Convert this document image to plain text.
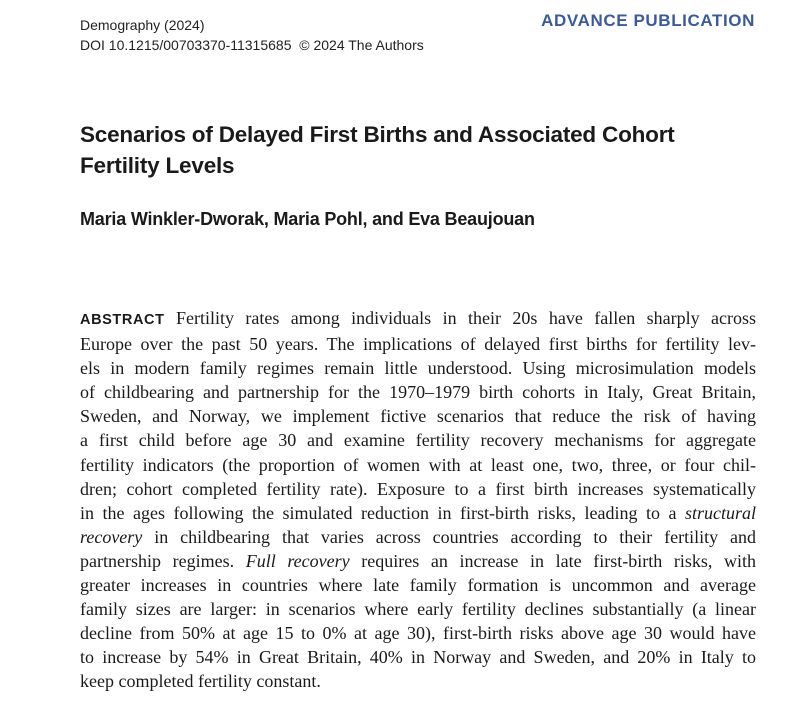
Demography (2024)
DOI 10.1215/00703370-11315685  © 2024 The Authors
ADVANCE PUBLICATION
Scenarios of Delayed First Births and Associated Cohort
Fertility Levels
Maria Winkler-Dworak, Maria Pohl, and Eva Beaujouan
ABSTRACT Fertility rates among individuals in their 20s have fallen sharply across
Europe over the past 50 years. The implications of delayed first births for fertility lev-
els in modern family regimes remain little understood. Using microsimulation models
of childbearing and partnership for the 1970–1979 birth cohorts in Italy, Great Britain,
Sweden, and Norway, we implement fictive scenarios that reduce the risk of having
a first child before age 30 and examine fertility recovery mechanisms for aggregate
fertility indicators (the proportion of women with at least one, two, three, or four chil-
dren; cohort completed fertility rate). Exposure to a first birth increases systematically
in the ages following the simulated reduction in first-birth risks, leading to a structural
recovery in childbearing that varies across countries according to their fertility and
partnership regimes. Full recovery requires an increase in late first-birth risks, with
greater increases in countries where late family formation is uncommon and average
family sizes are larger: in scenarios where early fertility declines substantially (a linear
decline from 50% at age 15 to 0% at age 30), first-birth risks above age 30 would have
to increase by 54% in Great Britain, 40% in Norway and Sweden, and 20% in Italy to
keep completed fertility constant.
